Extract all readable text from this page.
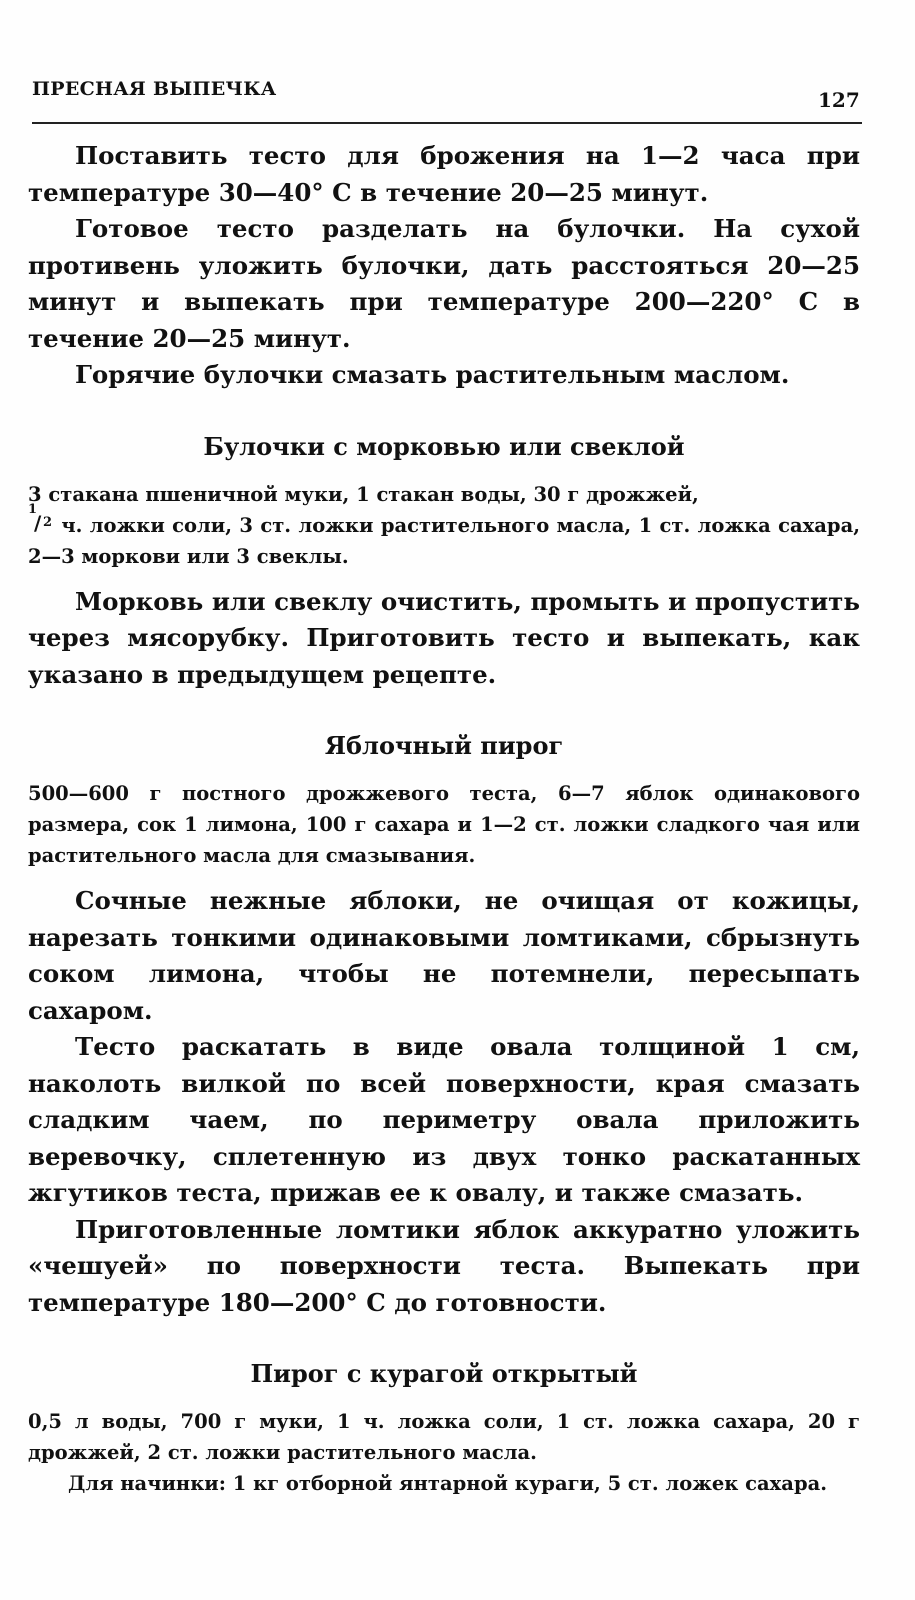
ПРЕСНАЯ ВЫПЕЧКА	127

Поставить тесто для брожения на 1—2 часа при температуре 30—40° С в течение 20—25 минут.

Готовое тесто разделать на булочки. На сухой противень уложить булочки, дать расстояться 20—25 минут и выпекать при температуре 200—220° С в течение 20—25 минут.

Горячие булочки смазать растительным маслом.

Булочки с морковью или свеклой

3 стакана пшеничной муки, 1 стакан воды, 30 г дрожжей,

1
/ 2 ч. ложки соли, 3 ст. ложки растительного масла, 1 ст. ложка сахара, 2—3 моркови или 3 свеклы.

Морковь или свеклу очистить, промыть и пропустить через мясорубку. Приготовить тесто и выпекать, как указано в предыдущем рецепте.

Яблочный пирог

500—600 г постного дрожжевого теста, 6—7 яблок одинакового размера, сок 1 лимона, 100 г сахара и 1—2 ст. ложки сладкого чая или растительного масла для смазывания.

Сочные нежные яблоки, не очищая от кожицы, нарезать тонкими одинаковыми ломтиками, сбрызнуть соком лимона, чтобы не потемнели, пересыпать сахаром.

Тесто раскатать в виде овала толщиной 1 см, наколоть вилкой по всей поверхности, края смазать сладким чаем, по периметру овала приложить веревочку, сплетенную из двух тонко раскатанных жгутиков теста, прижав ее к овалу, и также смазать.

Приготовленные ломтики яблок аккуратно уложить «чешуей» по поверхности теста. Выпекать при температуре 180—200° С до готовности.

Пирог с курагой открытый

0,5 л воды, 700 г муки, 1 ч. ложка соли, 1 ст. ложка сахара, 20 г дрожжей, 2 ст. ложки растительного масла.

Для начинки: 1 кг отборной янтарной кураги, 5 ст. ложек сахара.
